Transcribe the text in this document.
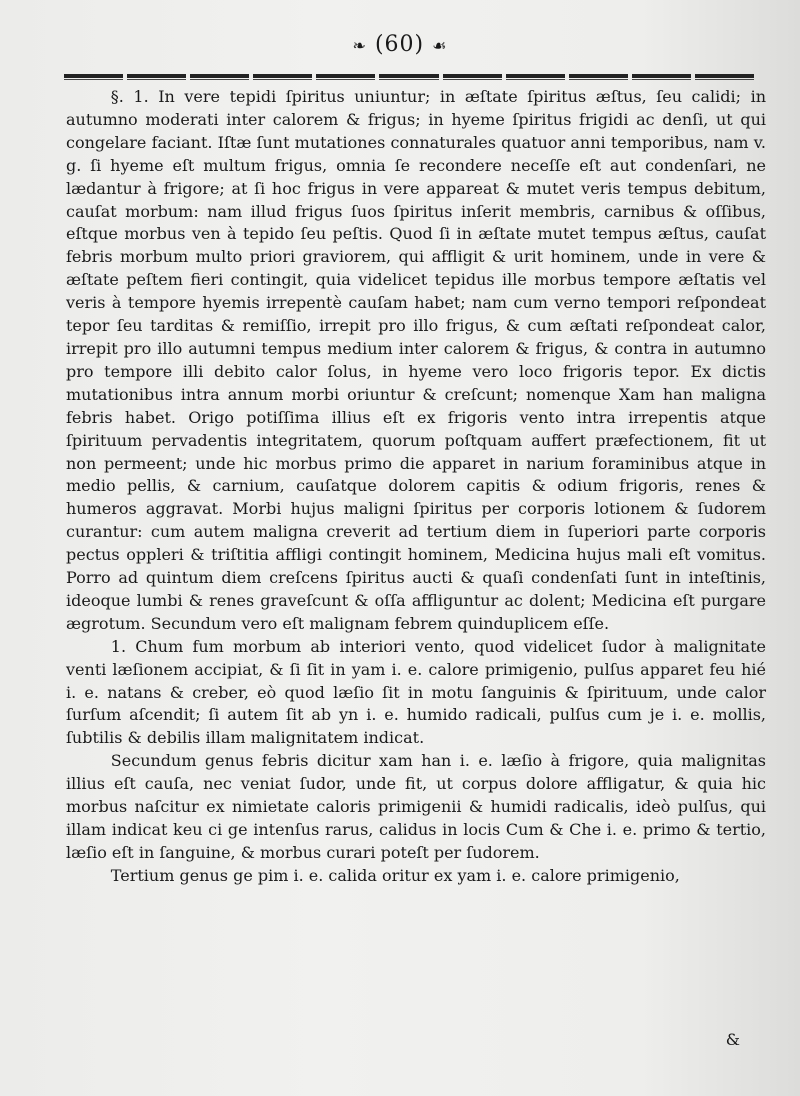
❧ (60) ☙

§. 1. In vere tepidi ſpiritus uniuntur; in æſtate ſpiritus æſtus, ſeu calidi; in autumno moderati inter calorem & frigus; in hyeme ſpiritus frigidi ac denſi, ut qui congelare faciant. Iſtæ ſunt mutationes connaturales quatuor anni temporibus, nam v. g. ſi hyeme eſt multum frigus, omnia ſe recondere neceſſe eſt aut condenſari, ne lædantur à frigore; at ſi hoc frigus in vere appareat & mutet veris tempus debitum, cauſat morbum: nam illud frigus ſuos ſpiritus inſerit membris, carnibus & oſſibus, eſtque morbus ven à tepido ſeu peſtis. Quod ſi in æſtate mutet tempus æſtus, cauſat febris morbum multo priori graviorem, qui affligit & urit hominem, unde in vere & æſtate peſtem fieri contingit, quia videlicet tepidus ille morbus tempore æſtatis vel veris à tempore hyemis irrepentè cauſam habet; nam cum verno tempori reſpondeat tepor ſeu tarditas & remiſſio, irrepit pro illo frigus, & cum æſtati reſpondeat calor, irrepit pro illo autumni tempus medium inter calorem & frigus, & contra in autumno pro tempore illi debito calor ſolus, in hyeme vero loco frigoris tepor. Ex dictis mutationibus intra annum morbi oriuntur & creſcunt; nomenque Xam han maligna febris habet. Origo potiſſima illius eſt ex frigoris vento intra irrepentis atque ſpirituum pervadentis integritatem, quorum poſtquam auffert præfectionem, fit ut non permeent; unde hic morbus primo die apparet in narium foraminibus atque in medio pellis, & carnium, cauſatque dolorem capitis & odium frigoris, renes & humeros aggravat. Morbi hujus maligni ſpiritus per corporis lotionem & ſudorem curantur: cum autem maligna creverit ad tertium diem in ſuperiori parte corporis pectus oppleri & triſtitia affligi contingit hominem, Medicina hujus mali eſt vomitus. Porro ad quintum diem creſcens ſpiritus aucti & quaſi condenſati ſunt in inteſtinis, ideoque lumbi & renes graveſcunt & oſſa affliguntur ac dolent; Medicina eſt purgare ægrotum. Secundum vero eſt malignam febrem quinduplicem eſſe.

1. Chum fum morbum ab interiori vento, quod videlicet ſudor à malignitate venti læſionem accipiat, & ſi ſit in yam i. e. calore primigenio, pulſus apparet feu hié i. e. natans & creber, eò quod læſio ſit in motu ſanguinis & ſpirituum, unde calor ſurſum aſcendit; ſi autem ſit ab yn i. e. humido radicali, pulſus cum je i. e. mollis, ſubtilis & debilis illam malignitatem indicat.

Secundum genus febris dicitur xam han i. e. læſio à frigore, quia malignitas illius eſt cauſa, nec veniat ſudor, unde fit, ut corpus dolore affligatur, & quia hic morbus naſcitur ex nimietate caloris primigenii & humidi radicalis, ideò pulſus, qui illam indicat keu ci ge intenſus rarus, calidus in locis Cum & Che i. e. primo & tertio, læſio eſt in ſanguine, & morbus curari poteſt per ſudorem.

Tertium genus ge pim i. e. calida oritur ex yam i. e. calore primigenio,

&
